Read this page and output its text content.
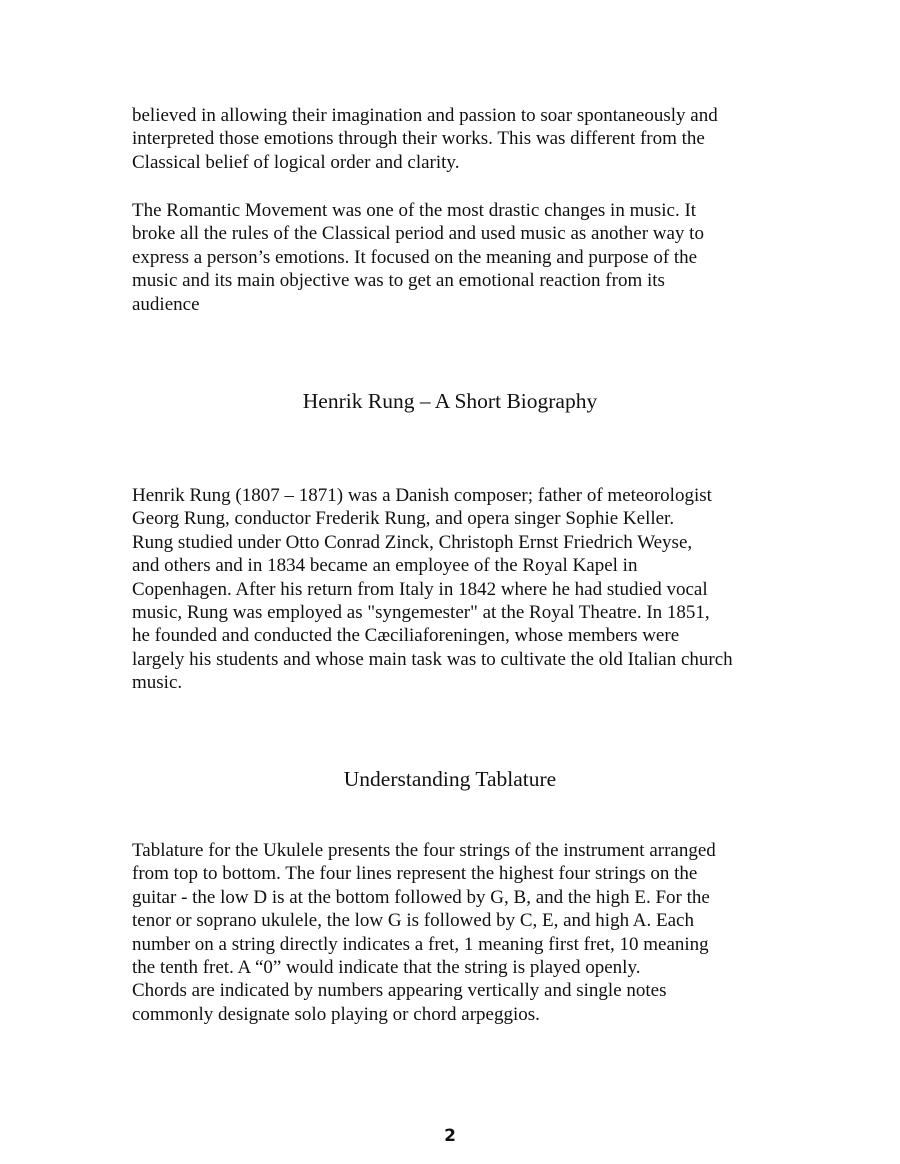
believed in allowing their imagination and passion to soar spontaneously and
interpreted those emotions through their works. This was different from the
Classical belief of logical order and clarity.

The Romantic Movement was one of the most drastic changes in music. It
broke all the rules of the Classical period and used music as another way to
express a person’s emotions. It focused on the meaning and purpose of the
music and its main objective was to get an emotional reaction from its
audience

Henrik Rung – A Short Biography

Henrik Rung (1807 – 1871) was a Danish composer; father of meteorologist
Georg Rung, conductor Frederik Rung, and opera singer Sophie Keller.
Rung studied under Otto Conrad Zinck, Christoph Ernst Friedrich Weyse,
and others and in 1834 became an employee of the Royal Kapel in
Copenhagen. After his return from Italy in 1842 where he had studied vocal
music, Rung was employed as "syngemester" at the Royal Theatre. In 1851,
he founded and conducted the Cæciliaforeningen, whose members were
largely his students and whose main task was to cultivate the old Italian church
music.

Understanding Tablature

Tablature for the Ukulele presents the four strings of the instrument arranged
from top to bottom. The four lines represent the highest four strings on the
guitar - the low D is at the bottom followed by G, B, and the high E. For the
tenor or soprano ukulele, the low G is followed by C, E, and high A. Each
number on a string directly indicates a fret, 1 meaning first fret, 10 meaning
the tenth fret. A “0” would indicate that the string is played openly.
Chords are indicated by numbers appearing vertically and single notes
commonly designate solo playing or chord arpeggios.

2
